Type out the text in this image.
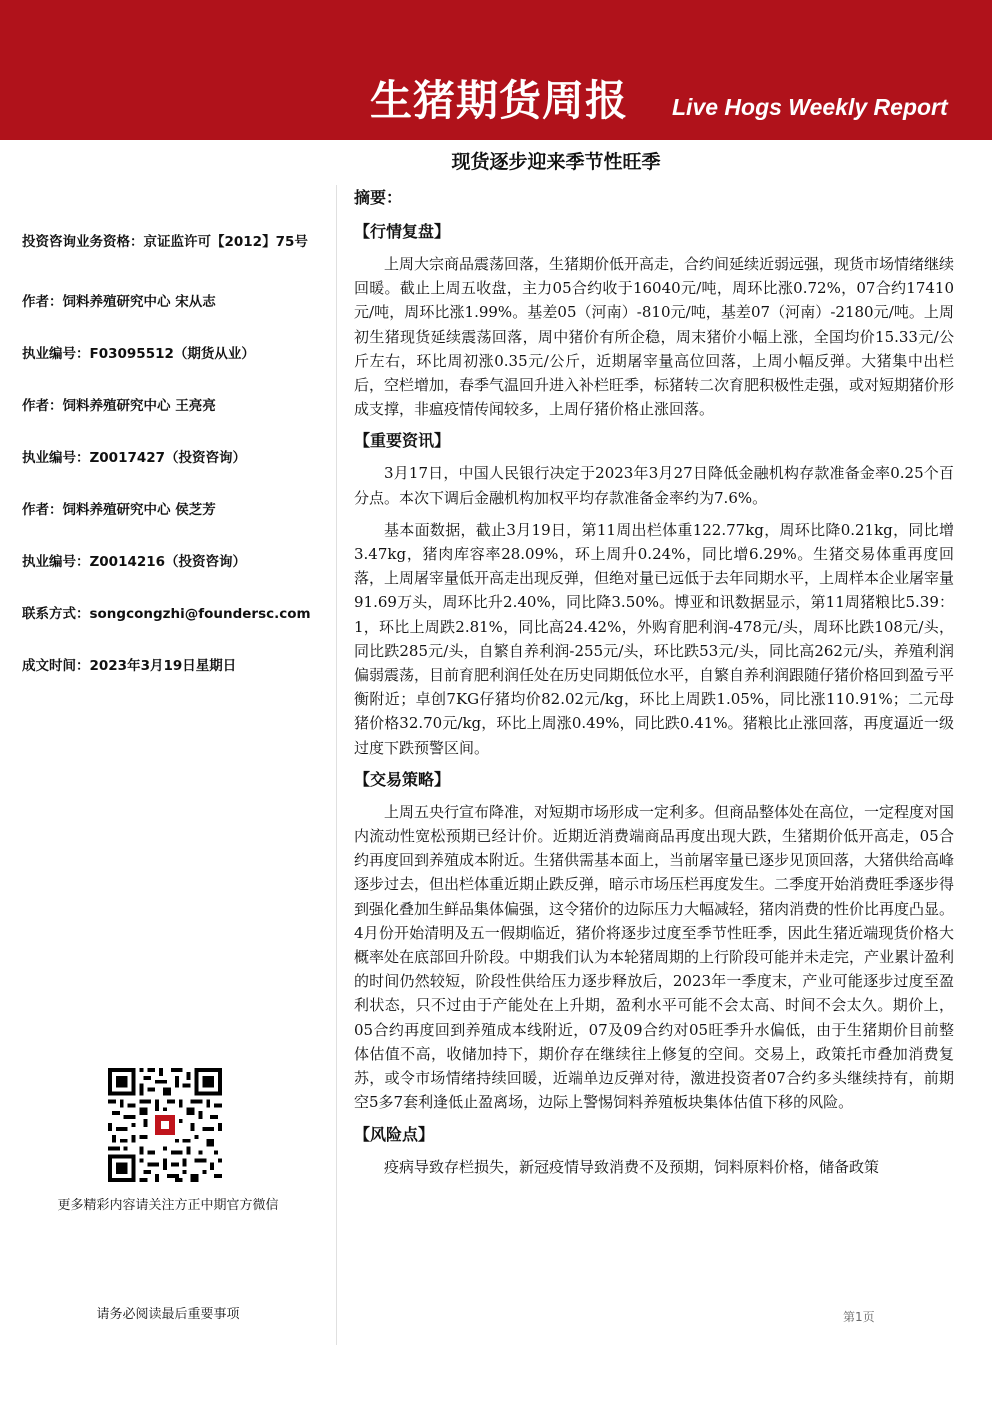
生猪期货周报 Live Hogs Weekly Report
现货逐步迎来季节性旺季
投资咨询业务资格：京证监许可【2012】75号
作者：饲料养殖研究中心 宋从志
执业编号：F03095512（期货从业）
作者：饲料养殖研究中心 王亮亮
执业编号：Z0017427（投资咨询）
作者：饲料养殖研究中心 侯芝芳
执业编号：Z0014216（投资咨询）
联系方式：songcongzhi@foundersc.com
成文时间：2023年3月19日星期日
更多精彩内容请关注方正中期官方微信
请务必阅读最后重要事项
摘要：
【行情复盘】

上周大宗商品震荡回落，生猪期价低开高走，合约间延续近弱远强，现货市场情绪继续回暖。截止上周五收盘，主力05合约收于16040元/吨，周环比涨0.72%，07合约17410元/吨，周环比涨1.99%。基差05（河南）-810元/吨，基差07（河南）-2180元/吨。上周初生猪现货延续震荡回落，周中猪价有所企稳，周末猪价小幅上涨，全国均价15.33元/公斤左右，环比周初涨0.35元/公斤，近期屠宰量高位回落，上周小幅反弹。大猪集中出栏后，空栏增加，春季气温回升进入补栏旺季，标猪转二次育肥积极性走强，或对短期猪价形成支撑，非瘟疫情传闻较多，上周仔猪价格止涨回落。

【重要资讯】

3月17日，中国人民银行决定于2023年3月27日降低金融机构存款准备金率0.25个百分点。本次下调后金融机构加权平均存款准备金率约为7.6%。

基本面数据，截止3月19日，第11周出栏体重122.77kg，周环比降0.21kg，同比增3.47kg，猪肉库容率28.09%，环上周升0.24%，同比增6.29%。生猪交易体重再度回落，上周屠宰量低开高走出现反弹，但绝对量已远低于去年同期水平，上周样本企业屠宰量91.69万头，周环比升2.40%，同比降3.50%。博亚和讯数据显示，第11周猪粮比5.39：1，环比上周跌2.81%，同比高24.42%，外购育肥利润-478元/头，周环比跌108元/头，同比跌285元/头，自繁自养利润-255元/头，环比跌53元/头，同比高262元/头，养殖利润偏弱震荡，目前育肥利润任处在历史同期低位水平，自繁自养利润跟随仔猪价格回到盈亏平衡附近；卓创7KG仔猪均价82.02元/kg，环比上周跌1.05%，同比涨110.91%；二元母猪价格32.70元/kg，环比上周涨0.49%，同比跌0.41%。猪粮比止涨回落，再度逼近一级过度下跌预警区间。

【交易策略】

上周五央行宣布降准，对短期市场形成一定利多。但商品整体处在高位，一定程度对国内流动性宽松预期已经计价。近期近消费端商品再度出现大跌，生猪期价低开高走，05合约再度回到养殖成本附近。生猪供需基本面上，当前屠宰量已逐步见顶回落，大猪供给高峰逐步过去，但出栏体重近期止跌反弹，暗示市场压栏再度发生。二季度开始消费旺季逐步得到强化叠加生鲜品集体偏强，这令猪价的边际压力大幅减轻，猪肉消费的性价比再度凸显。4月份开始清明及五一假期临近，猪价将逐步过度至季节性旺季，因此生猪近端现货价格大概率处在底部回升阶段。中期我们认为本轮猪周期的上行阶段可能并未走完，产业累计盈利的时间仍然较短，阶段性供给压力逐步释放后，2023年一季度末，产业可能逐步过度至盈利状态，只不过由于产能处在上升期，盈利水平可能不会太高、时间不会太久。期价上，05合约再度回到养殖成本线附近，07及09合约对05旺季升水偏低，由于生猪期价目前整体估值不高，收储加持下，期价存在继续往上修复的空间。交易上，政策托市叠加消费复苏，或令市场情绪持续回暖，近端单边反弹对待，激进投资者07合约多头继续持有，前期空5多7套利逢低止盈离场，边际上警惕饲料养殖板块集体估值下移的风险。

【风险点】

疫病导致存栏损失，新冠疫情导致消费不及预期，饲料原料价格，储备政策

第1页
